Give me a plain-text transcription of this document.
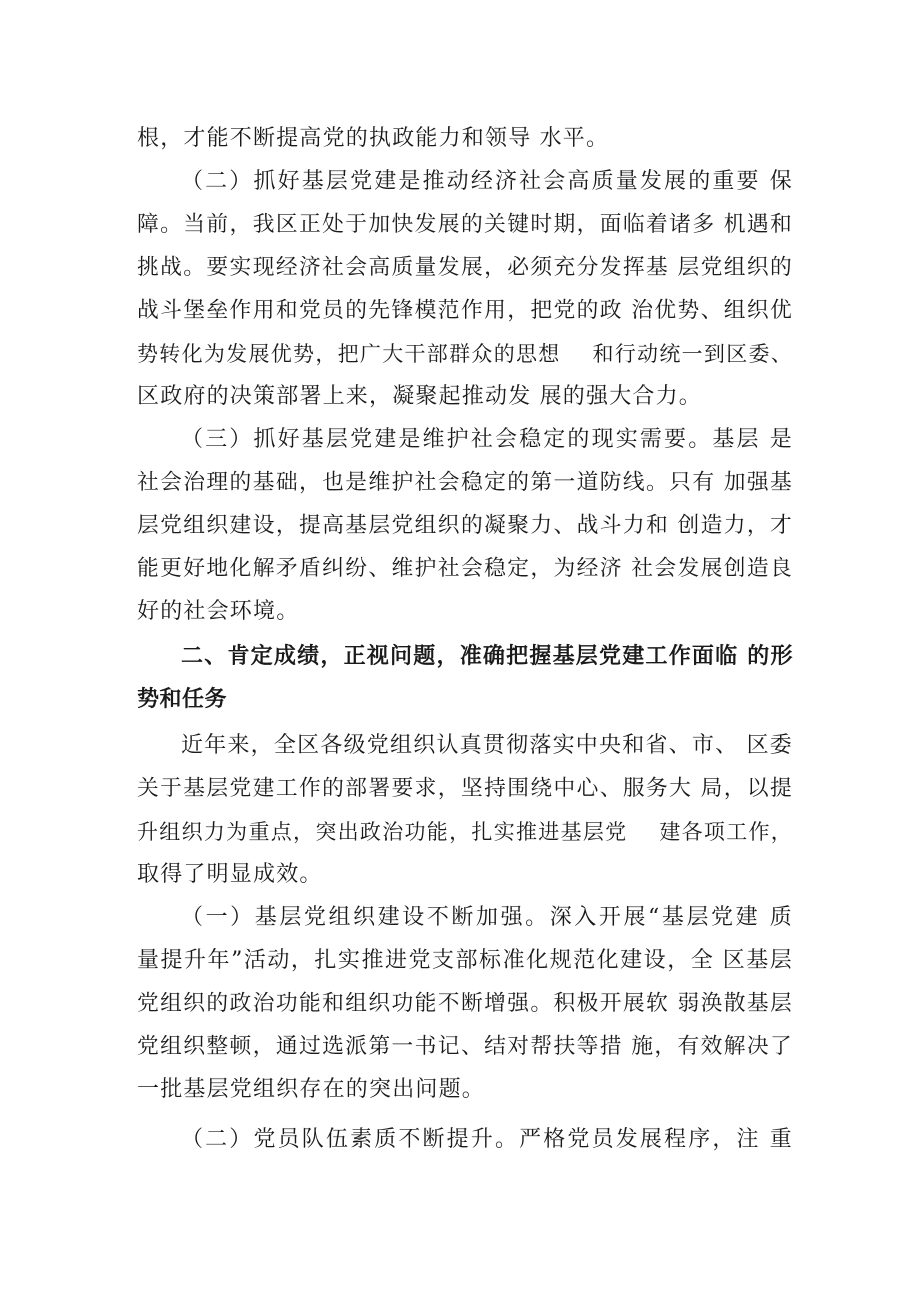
根，才能不断提高党的执政能力和领导 水平。
（二）抓好基层党建是推动经济社会高质量发展的重要 保
障。当前，我区正处于加快发展的关键时期，面临着诸多 机遇和
挑战。要实现经济社会高质量发展，必须充分发挥基 层党组织的
战斗堡垒作用和党员的先锋模范作用，把党的政 治优势、组织优
势转化为发展优势，把广大干部群众的思想    和行动统一到区委、
区政府的决策部署上来，凝聚起推动发 展的强大合力。
（三）抓好基层党建是维护社会稳定的现实需要。基层 是
社会治理的基础，也是维护社会稳定的第一道防线。只有 加强基
层党组织建设，提高基层党组织的凝聚力、战斗力和 创造力，才
能更好地化解矛盾纠纷、维护社会稳定，为经济 社会发展创造良
好的社会环境。
二、肯定成绩，正视问题，准确把握基层党建工作面临 的形
势和任务
近年来，全区各级党组织认真贯彻落实中央和省、市、 区委
关于基层党建工作的部署要求，坚持围绕中心、服务大 局，以提
升组织力为重点，突出政治功能，扎实推进基层党    建各项工作，
取得了明显成效。
（一）基层党组织建设不断加强。深入开展“基层党建 质
量提升年”活动，扎实推进党支部标准化规范化建设，全 区基层
党组织的政治功能和组织功能不断增强。积极开展软 弱涣散基层
党组织整顿，通过选派第一书记、结对帮扶等措 施，有效解决了
一批基层党组织存在的突出问题。
（二）党员队伍素质不断提升。严格党员发展程序，注 重
